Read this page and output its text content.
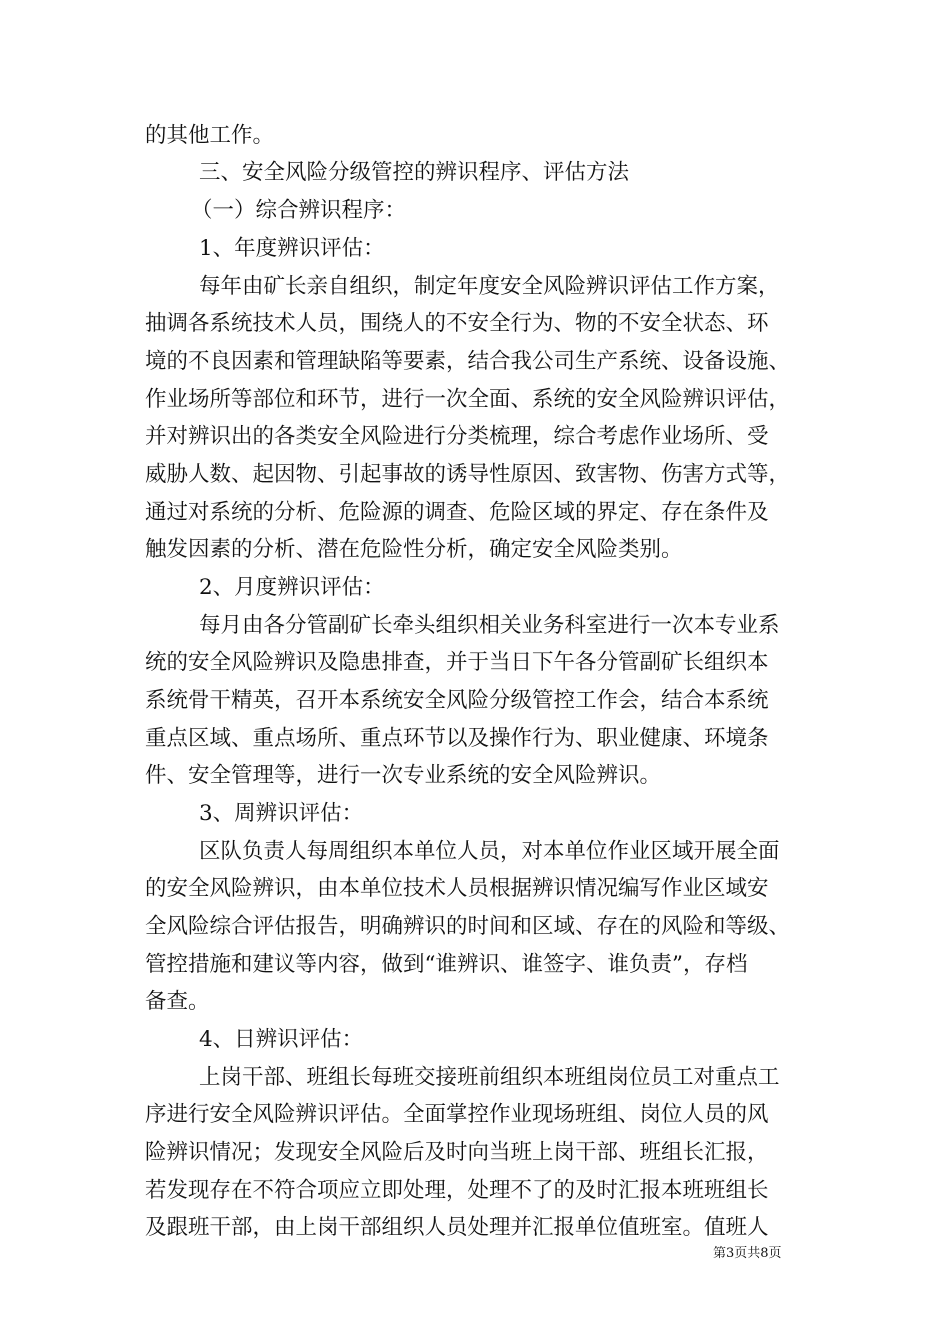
的其他工作。
三、安全风险分级管控的辨识程序、评估方法
（一）综合辨识程序：
1、年度辨识评估：
每年由矿长亲自组织，制定年度安全风险辨识评估工作方案，
抽调各系统技术人员，围绕人的不安全行为、物的不安全状态、环
境的不良因素和管理缺陷等要素，结合我公司生产系统、设备设施、
作业场所等部位和环节，进行一次全面、系统的安全风险辨识评估，
并对辨识出的各类安全风险进行分类梳理，综合考虑作业场所、受
威胁人数、起因物、引起事故的诱导性原因、致害物、伤害方式等，
通过对系统的分析、危险源的调查、危险区域的界定、存在条件及
触发因素的分析、潜在危险性分析，确定安全风险类别。
2、月度辨识评估：
每月由各分管副矿长牵头组织相关业务科室进行一次本专业系
统的安全风险辨识及隐患排查，并于当日下午各分管副矿长组织本
系统骨干精英，召开本系统安全风险分级管控工作会，结合本系统
重点区域、重点场所、重点环节以及操作行为、职业健康、环境条
件、安全管理等，进行一次专业系统的安全风险辨识。
3、周辨识评估：
区队负责人每周组织本单位人员，对本单位作业区域开展全面
的安全风险辨识，由本单位技术人员根据辨识情况编写作业区域安
全风险综合评估报告，明确辨识的时间和区域、存在的风险和等级、
管控措施和建议等内容，做到“谁辨识、谁签字、谁负责”，存档
备查。
4、日辨识评估：
上岗干部、班组长每班交接班前组织本班组岗位员工对重点工
序进行安全风险辨识评估。全面掌控作业现场班组、岗位人员的风
险辨识情况；发现安全风险后及时向当班上岗干部、班组长汇报，
若发现存在不符合项应立即处理，处理不了的及时汇报本班班组长
及跟班干部，由上岗干部组织人员处理并汇报单位值班室。值班人
第3页共8页
